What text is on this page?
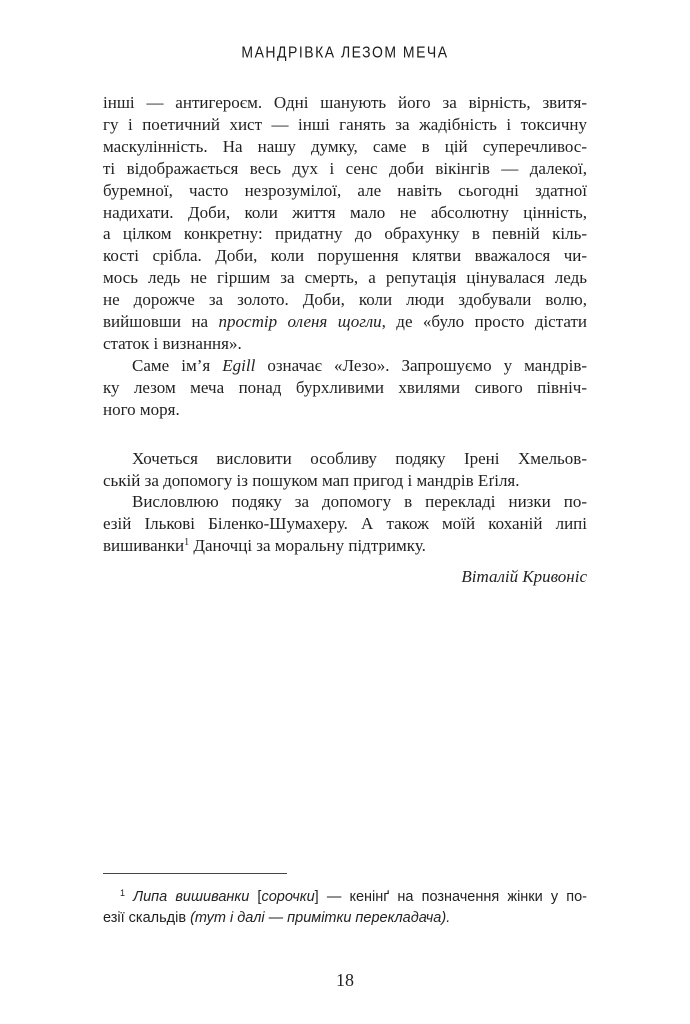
МАНДРІВКА ЛЕЗОМ МЕЧА
інші — антигероєм. Одні шанують його за вірність, звитя-
гу і поетичний хист — інші ганять за жадібність і токсичну
маскулінність. На нашу думку, саме в цій суперечливос-
ті відображається весь дух і сенс доби вікінгів — далекої,
буремної, часто незрозумілої, але навіть сьогодні здатної
надихати. Доби, коли життя мало не абсолютну цінність,
а цілком конкретну: придатну до обрахунку в певній кіль-
кості срібла. Доби, коли порушення клятви вважалося чи-
мось ледь не гіршим за смерть, а репутація цінувалася ледь
не дорожче за золото. Доби, коли люди здобували волю,
вийшовши на простір оленя щогли, де «було просто дістати
статок і визнання».
Саме ім’я Egill означає «Лезо». Запрошуємо у мандрів-
ку лезом меча понад бурхливими хвилями сивого північ-
ного моря.
Хочеться висловити особливу подяку Ірені Хмельов-
ській за допомогу із пошуком мап пригод і мандрів Еґіля.
Висловлюю подяку за допомогу в перекладі низки по-
езій Ількові Біленко-Шумахеру. А також моїй коханій липі
вишиванки$^1$ Даночці за моральну підтримку.
Віталій Кривоніс
$^1$ Липа вишиванки [сорочки] — кенінґ на позначення жінки у по-
езії скальдів (тут і далі — примітки перекладача).
18
